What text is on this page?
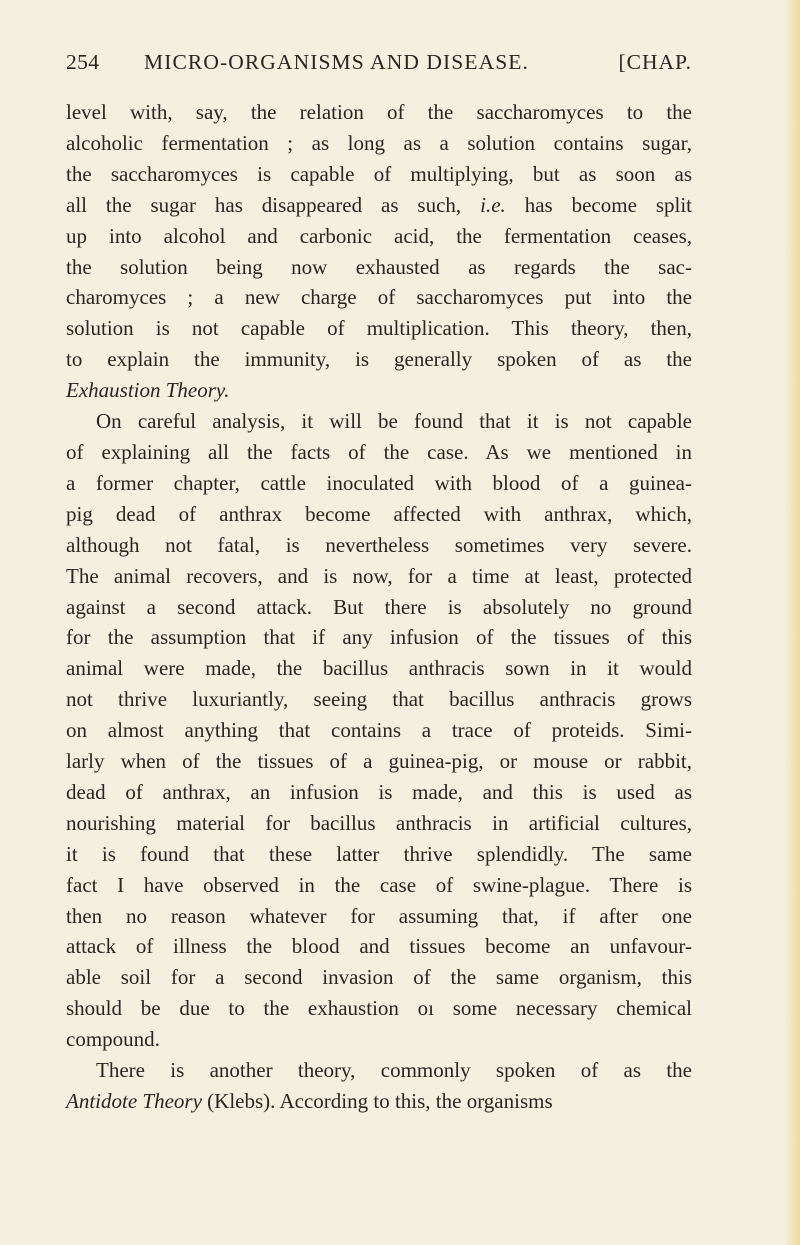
254 MICRO-ORGANISMS AND DISEASE.	[CHAP.

level with, say, the relation of the saccharomyces to the
alcoholic fermentation ; as long as a solution contains sugar,
the saccharomyces is capable of multiplying, but as soon as
all the sugar has disappeared as such, i.e. has become split
up into alcohol and carbonic acid, the fermentation ceases,
the solution being now exhausted as regards the sac-
charomyces ; a new charge of saccharomyces put into the
solution is not capable of multiplication. This theory, then,
to explain the immunity, is generally spoken of as the
Exhaustion Theory.

On careful analysis, it will be found that it is not capable
of explaining all the facts of the case. As we mentioned in
a former chapter, cattle inoculated with blood of a guinea-
pig dead of anthrax become affected with anthrax, which,
although not fatal, is nevertheless sometimes very severe.
The animal recovers, and is now, for a time at least, protected
against a second attack. But there is absolutely no ground
for the assumption that if any infusion of the tissues of this
animal were made, the bacillus anthracis sown in it would
not thrive luxuriantly, seeing that bacillus anthracis grows
on almost anything that contains a trace of proteids. Simi-
larly when of the tissues of a guinea-pig, or mouse or rabbit,
dead of anthrax, an infusion is made, and this is used as
nourishing material for bacillus anthracis in artificial cultures,
it is found that these latter thrive splendidly. The same
fact I have observed in the case of swine-plague. There is
then no reason whatever for assuming that, if after one
attack of illness the blood and tissues become an unfavour-
able soil for a second invasion of the same organism, this
should be due to the exhaustion oı some necessary chemical
compound.

There is another theory, commonly spoken of as the
Antidote Theory (Klebs). According to this, the organisms
